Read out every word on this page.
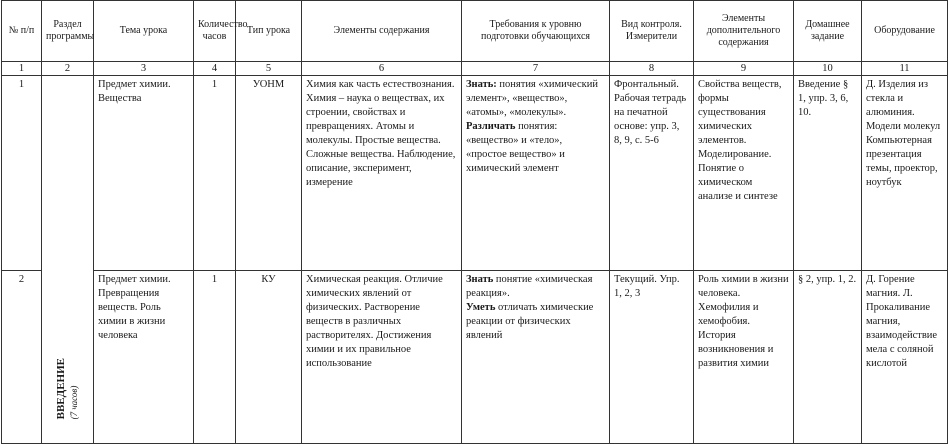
№ п/п	Раздел программы	Тема урока	Количество часов	Тип урока	Элементы содержания	Требования к уровню подготовки обучающихся	Вид контроля. Измерители	Элементы дополнительного содержания	Домашнее задание	Оборудование
1	2	3	4	5	6	7	8	9	10	11
1	ВВЕДЕНИЕ (7 часов)	Предмет химии. Вещества	1	УОНМ	Химия как часть естествознания. Химия – наука о веществах, их строении, свойствах и превращениях. Атомы и молекулы. Простые вещества. Сложные вещества. Наблюдение, описание, эксперимент, измерение	Знать: понятия «химический элемент», «вещество», «атомы», «молекулы».
Различать понятия: «вещество» и «тело», «простое вещество» и химический элемент	Фронтальный. Рабочая тетрадь на печатной основе: упр. 3, 8, 9, с. 5-6	Свойства веществ, формы существования химических элементов. Моделирование. Понятие о химическом анализе и синтезе	Введение § 1, упр. 3, 6, 10.	Д. Изделия из стекла и алюминия. Модели молекул Компьютерная презентация темы, проектор, ноутбук
2		Предмет химии. Превращения веществ. Роль химии в жизни человека	1	КУ	Химическая реакция. Отличие химических явлений от физических. Растворение веществ в различных растворителях. Достижения химии и их правильное использование	Знать понятие «химическая реакция».
Уметь отличать химические реакции от физических явлений	Текущий. Упр. 1, 2, 3	Роль химии в жизни человека. Хемофилия и хемофобия. История возникновения и развития химии	§ 2, упр. 1, 2.	Д. Горение магния. Л. Прокаливание магния, взаимодействие мела с соляной кислотой
